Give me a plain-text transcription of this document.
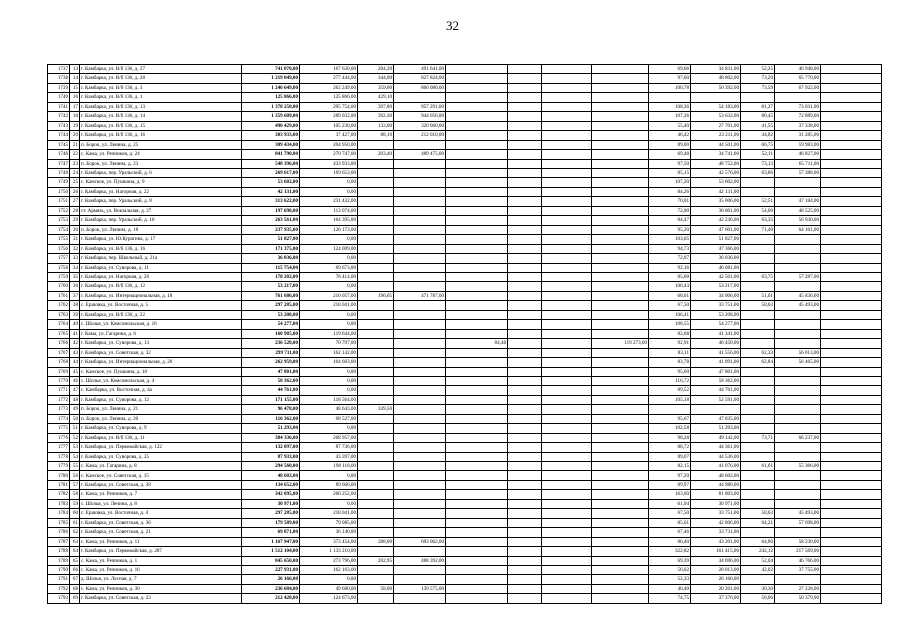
32
1737	13	г. Камбарка, ул. В/б 136, д. 27	741 070,00	167 630,00	204,39	491 641,00					69,66	34 831,00	52,25	46 948,00	
1738	14	г. Камбарка, ул. В/б 136, д. 28	1 219 849,00	277 444,00	344,00	827 824,00					97,60	48 802,00	73,20	65 770,00	
1739	15	г. Камбарка, ул. В/б 136, д. 3	1 246 649,00	262 249,00	359,00	866 086,00					100,78	50 392,00	73,59	67 922,00	
1740	16	г. Камбарка, ул. В/б 136, д. 1	125 866,00	125 866,00	429,10										
1741	17	г. Камбарка, ул. В/б 136, д. 13	1 378 258,00	295 754,00	397,80	957 291,00					108,36	54 183,00	81,27	73 031,00	
1742	18	г. Камбарка, ул. В/б 136, д. 14	1 359 609,00	289 032,00	392,30	944 056,00					107,26	53 632,00	80,45	72 889,00	
1743	19	г. Камбарка, ул. В/б 136, д. 15	490 429,00	105 230,00	133,00	320 060,00					55,40	27 701,00	41,55	37 338,00	
1744	20	г. Камбарка, ул. В/б 136, д. 16	303 933,00	37 427,00	88,10	212 010,00					46,42	23 211,00	34,82	31 285,00	
1745	21	п. Борок, ул. Ленина, д. 25	309 434,00	204 950,00							89,00	44 501,00	66,75	59 983,00	
1746	22	с. Кама, ул. Речников, д. 24	841 790,00	270 747,00	203,40	489 475,00					69,48	34 741,00	52,11	46 827,00	
1747	23	п. Борок, ул. Ленина, д. 23	548 396,00	433 933,00							97,50	48 752,00	73,13	65 711,00	
1748	24	г. Камбарка, пер. Уральский, д. 6	269 617,00	169 653,00							85,15	42 576,00	63,86	57 388,00	
1749	25	с. Камское, ул. Пушкина, д. 9	53 602,00	0,00							107,20	53 602,00			
1750	26	г. Камбарка, ул. Нагорная, д. 22	42 131,00	0,00							84,26	42 131,00			
1751	27	г. Камбарка, пер. Уральский, д. 8	313 622,00	231 432,00							70,01	35 006,00	52,51	47 184,00	
1752	28	ст. Армязь, ул. Вокзальная, д. 27	197 698,00	113 074,00							72,00	36 001,00	54,00	48 525,00	
1753	29	г. Камбарка, пер. Уральский, д. 10	263 561,00	164 395,00							84,47	42 236,00	63,35	56 930,00	
1754	30	п. Борок, ул. Ленина, д. 18	237 935,00	126 173,00							95,20	47 601,00	71,40	64 161,00	
1755	31	г. Камбарка, ул. Ю.Курагина, д. 17	51 827,00	0,00							103,65	51 827,00			
1756	32	г. Камбарка, ул. В/б 136, д. 16	171 375,00	124 009,00							94,73	47 366,00			
1757	33	г. Камбарка, пер. Школьный, д. 21а	36 036,00	0,00							72,07	36 036,00			
1758	34	г. Камбарка, ул. Суворова, д. 11	115 754,00	69 673,00							92,16	46 081,00			
1759	35	г. Камбарка, ул. Нагорная, д. 26	178 202,00	78 414,00							85,00	42 501,00	63,75	57 287,00	
1760	36	г. Камбарка, ул. В/б 136, д. 12	53 217,00	0,00							106,43	53 217,00			
1761	37	г. Камбарка, ул. Интернациональная, д. 18	761 686,00	210 057,00	196,05	471 787,00					68,01	34 006,00	51,01	45 836,00	
1762	38	с. Ершовка, ул. Восточная, д. 5	297 285,00	218 041,00							67,50	33 751,00	50,63	45 493,00	
1763	39	г. Камбарка, ул. В/б 136, д. 22	53 208,00	0,00							106,41	53 208,00			
1764	40	с. Шолья, ул. Комсомольская, д. 16	54 277,00	0,00							108,55	54 277,00			
1765	41	г. Кама, ул. Гагарина, д. 6	160 985,00	119 644,00							82,68	41 341,00			
1766	42	г. Камбарка, ул. Суворова, д. 13	236 528,00	70 797,00			84,48			119 273,00	92,91	46 458,00			
1767	43	г. Камбарка, ул. Советская, д. 32	299 711,00	162 142,00							83,11	41 556,00	62,33	56 013,00	
1768	44	г. Камбарка, ул. Интернациональная, д. 20	262 959,00	164 603,00							83,78	41 891,00	62,84	56 465,00	
1769	45	с. Камское, ул. Пушкина, д. 10	47 801,00	0,00							95,60	47 801,00			
1770	46	с. Шолья, ул. Комсомольская, д. 4	58 362,00	0,00							116,72	58 362,00			
1771	47	с. Камбарка, ул. Восточная, д. 4а	44 761,00	0,00							89,52	44 761,00			
1772	48	г. Камбарка, ул. Суворова, д. 12	171 155,00	118 564,00							105,18	52 591,00			
1773	49	п. Борок, ул. Ленина, д. 21	96 478,00	48 643,00	339,50										
1774	50	п. Борок, ул. Ленина, д. 20	116 362,00	68 527,00							95,67	47 835,00			
1775	51	г. Камбарка, ул. Суворова, д. 9	51 293,00	0,00							102,58	51 293,00			
1776	52	г. Камбарка, ул. В/б 136, д. 11	384 336,00	268 957,00							98,28	49 142,00	73,71	66 237,00	
1777	53	г. Камбарка, ул. Первомайская, д. 122	132 097,00	87 736,00							88,72	44 361,00			
1778	54	г. Камбарка, ул. Суворова, д. 25	87 933,00	43 397,00							89,07	44 536,00			
1779	55	с. Кама, ул. Гагарина, д. 8	294 560,00	198 118,00							82,15	41 076,00	61,61	55 366,00	
1780	56	с. Камское, ул. Советская, д. 15	48 603,00	0,00							97,20	48 602,00			
1781	57	г. Камбарка, ул. Советская, д. 38	134 652,00	89 666,00							89,97	44 986,00			
1782	58	с. Кама, ул. Речников, д. 7	342 095,00	260 252,00							163,60	81 803,00			
1783	59	с. Шолья, ул. Ленина, д. 8	30 971,00	0,00							61,94	30 971,00			
1784	60	с. Ершовка, ул. Восточная, д. 4	297 285,00	218 041,00							67,50	33 751,00	50,63	45 493,00	
1785	61	г. Камбарка, ул. Советская, д. 36	179 589,00	79 085,00							85,61	42 806,00	64,21	57 698,00	
1786	62	г. Камбарка, ул. Советская, д. 21	69 871,00	36 140,00							67,46	33 731,00			
1787	63	с. Кама, ул. Речников, д. 11	1 167 947,00	373 454,00	288,00	693 062,00					86,40	43 201,00	64,80	58 230,00	
1788	64	г. Камбарка, ул. Первомайская, д. 287	1 512 104,00	1 133 210,00							322,82	161 415,00	242,12	217 569,00	
1789	65	с. Кама, ул. Речников, д. 1	845 650,00	273 796,00	202,95	488 392,00					69,39	34 696,00	52,04	46 766,00	
1790	66	с. Кама, ул. Речников, д. 16	227 931,00	162 163,00							56,02	28 013,00	42,02	37 755,00	
1791	67	д. Шолья, ул. Лесная, д. 7	26 166,00	0,00							52,33	26 166,00			
1792	68	с. Кама, ул. Речников, д. 30	236 684,00	49 680,00	58,00	139 575,00					40,40	20 201,00	30,30	27 228,00	
1793	69	г. Камбарка, ул. Советская, д. 23	212 428,00	124 673,00							74,75	37 376,00	56,06	50 379,00	
